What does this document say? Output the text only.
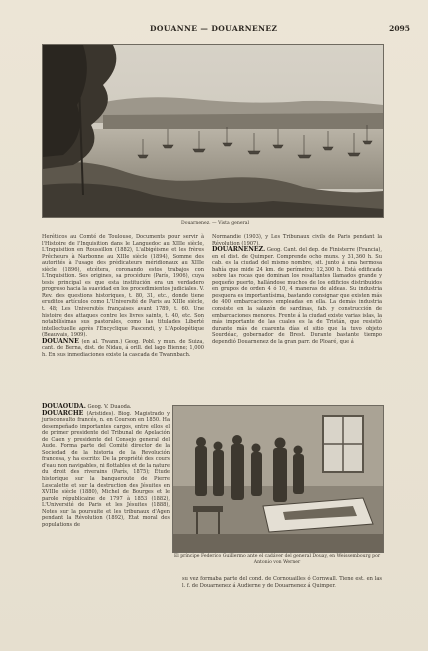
DOUANNE — DOUARNENEZ	2095
Douarnenez. — Vista general

Heréticos au Comté de Toulouse, Documents pour servir à l'Histoire de l'Inquisition dans le Languedoc au XIIIe siècle, L'Inquisition en Roussillon (1882), L'albigéisme et les frères Prêcheurs à Narbonne au XIIIe siècle (1894), Somme des autorités à l'usage des prédicateurs méridionaux au XIIIe siècle (1896), etcétera, coronando estos trabajos con L'Inquisition. Ses origines, sa procédure (París, 1906), cuya tesis principal es que esta institución era un verdadero progreso hacia la suavidad en los procedimientos judiciales. V. Rev. des questions historiques, t. 80, 31, etc., donde tiene eruditos artículos como L'Université de Paris au XIIIe siècle, t. 48; Les Universités françaises avant 1789, t. 60. Une histoire des attaques contre les livres saints, t. 40, etc. Son notabilísimas sus pastorales, como las titulades Liberté intellectuelle après l'Encyclique Pascendi, y L'Apologétique (Beauvais, 1909).

DOUANNE (en al. Twann.) Geog. Pobl. y mun. de Suiza, cant. de Berna, dist. de Nidau, á orill. del lago Bienne; 1,000 h. En sus inmediaciones existe la cascada de Twannbach.

DOUAOUDA. Geog. V. Duaoda.

DOUARCHE (Aristides). Biog. Magistrado y jurisconsulto francés, n. en Courson en 1850. Ha desempeñado importantes cargos, entre ellos el de primer presidente del Tribunal de Apelación de Caen y presidente del Consejo general del Aude. Forma parte del Comité director de la Sociedad de la historia de la Revolución francesa, y ha escrito: De la propriété des cours d'eau non navigables, ni flottables et de la nature du droit des riverains (París, 1875); Étude historique sur la banqueroute de Pierre Lescalette et sur la destruction des Jésuites en XVIIIe siècle (1880), Michel de Bourges et le parole républicaine de 1797 à 1853 (1882), L'Université de Paris et les Jésuites (1888), Notes sur la poursuite et les tribunaux d'Agen pendant la Révolution (1892), Etat moral des populations de

Normandie (1903), y Les Tribunaux civils de Paris pendant la Révolution (1907).

DOUARNENEZ. Geog. Cant. del dep. de Finisterre (Francia), en el dist. de Quimper. Comprende ocho muns. y 31,360 h. Su cab. es la ciudad del mismo nombre, sit. junto á una hermosa bahía que mide 24 km. de perímetro; 12,300 h. Está edificada sobre las rocas que dominan los resaltantes llamados grande y pequeño puerto, hallándose muchos de los edificios distribuidos en grupos de orden 4 ó 10, 4 maneras de aldeas. Su industria pesquera es importantísima, bastando consignar que existen más de 400 embarcaciones empleadas en ella. La demás industria consiste en la salazón de sardinas, fab. y construcción de embarcaciones menores. Frente á la ciudad existe varias islas, la más importante de las cuales es la de Tristán, que resistió durante más de cuarenta días el sitio que la tuvo objeto Sourdéac, gobernador de Brest. Durante bastante tiempo dependió Douarnenez de la gran parr. de Ploaré, que á

El príncipe Federico Guillermo ante el cadáver del general Douay, en Weissembourg por Antonio von Werner

su vez formaba parte del cond. de Cornouailles ó Cornwall. Tiene est. en las l. f. de Douarnenez á Audierne y de Douarnenez á Quimper.
